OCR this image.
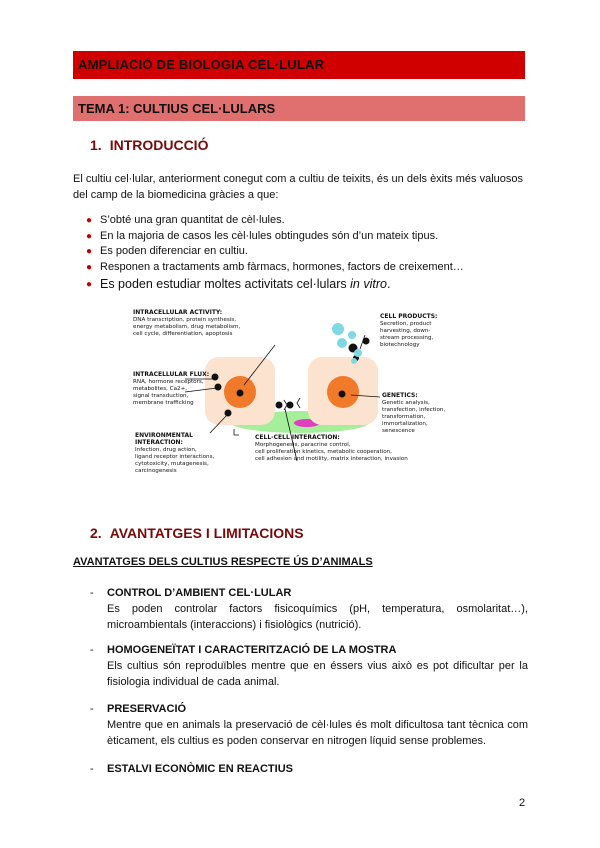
AMPLIACIÓ DE BIOLOGIA CEL·LULAR
TEMA 1: CULTIUS CEL·LULARS
1. INTRODUCCIÓ
El cultiu cel·lular, anteriorment conegut com a cultiu de teixits, és un dels èxits més valuosos
del camp de la biomedicina gràcies a que:
● S’obté una gran quantitat de cèl·lules.
● En la majoria de casos les cèl·lules obtingudes són d’un mateix tipus.
● Es poden diferenciar en cultiu.
● Responen a tractaments amb fàrmacs, hormones, factors de creixement…
● Es poden estudiar moltes activitats cel·lulars in vitro.
INTRACELLULAR ACTIVITY:
DNA transcription, protein synthesis,
energy metabolism, drug metabolism,
cell cycle, differentiation, apoptosis
CELL PRODUCTS:
Secretion, product
harvesting, down-
stream processing,
biotechnology
INTRACELLULAR FLUX:
RNA, hormone receptors,
metabolites, Ca2+,
signal transduction,
membrane trafficking
GENETICS:
Genetic analysis,
transfection, infection,
transformation,
immortalization,
senescence
ENVIRONMENTAL
INTERACTION:
Infection, drug action,
ligand receptor interactions,
cytotoxicity, mutagenesis,
carcinogenesis
CELL-CELL INTERACTION:
Morphogenesis, paracrine control,
cell proliferation kinetics, metabolic cooperation,
cell adhesion and motility, matrix interaction, invasion
2. AVANTATGES I LIMITACIONS
AVANTATGES DELS CULTIUS RESPECTE ÚS D’ANIMALS
- CONTROL D’AMBIENT CEL·LULAR
Es poden controlar factors fisicoquímics (pH, temperatura, osmolaritat…), microambientals (interaccions) i fisiològics (nutrició).
- HOMOGENEÏTAT I CARACTERITZACIÓ DE LA MOSTRA
Els cultius són reproduïbles mentre que en éssers vius això es pot dificultar per la fisiologia individual de cada animal.
- PRESERVACIÓ
Mentre que en animals la preservació de cèl·lules és molt dificultosa tant tècnica com èticament, els cultius es poden conservar en nitrogen líquid sense problemes.
- ESTALVI ECONÒMIC EN REACTIUS
2
